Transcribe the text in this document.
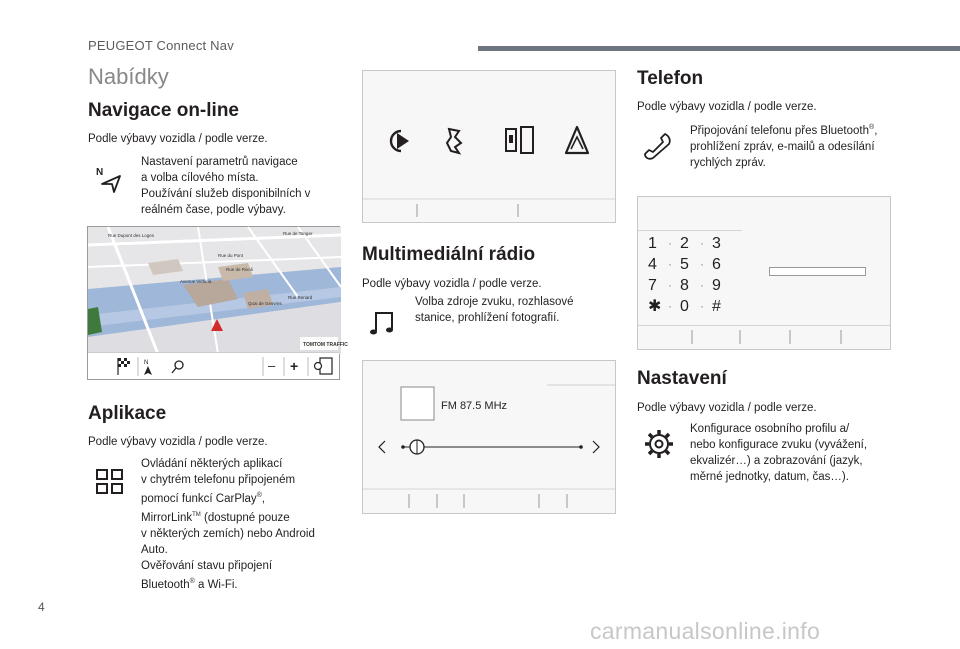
PEUGEOT Connect Nav
Nabídky
Navigace on-line
Podle výbavy vozidla / podle verze.
N
Nastavení parametrů navigace
a volba cílového místa.
Používání služeb disponibilních v
reálném čase, podle výbavy.
Rue Dupont des Loges	Rue de Tanger
Rue du Pont
Rue de Rivoli
Avenue Victoria
Quai de Gesvres
Rue Renard
TOMTOM TRAFFIC
N	– +
Aplikace
Podle výbavy vozidla / podle verze.
Ovládání některých aplikací
v chytrém telefonu připojeném
pomocí funkcí CarPlay®,
MirrorLink™ (dostupné pouze
v některých zemích) nebo Android
Auto.
Ověřování stavu připojení
Bluetooth® a Wi-Fi.
Multimediální rádio
Podle výbavy vozidla / podle verze.
Volba zdroje zvuku, rozhlasové
stanice, prohlížení fotografií.
FM 87.5 MHz
Telefon
Podle výbavy vozidla / podle verze.
Připojování telefonu přes Bluetooth®,
prohlížení zpráv, e-mailů a odesílání
rychlých zpráv.
1 · 2 · 3
4 · 5 · 6
7 · 8 · 9
✱ · 0 · #
Nastavení
Podle výbavy vozidla / podle verze.
Konfigurace osobního profilu a/
nebo konfigurace zvuku (vyvážení,
ekvalizér…) a zobrazování (jazyk,
měrné jednotky, datum, čas…).
4
carmanualsonline.info
